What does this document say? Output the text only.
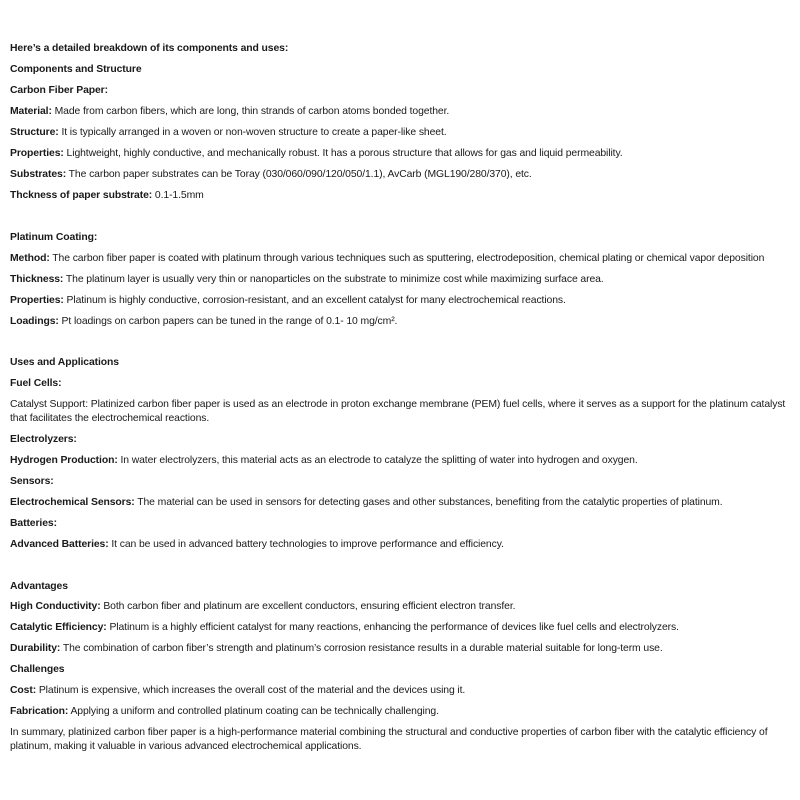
Here’s a detailed breakdown of its components and uses:
Components and Structure
Carbon Fiber Paper:
Material: Made from carbon fibers, which are long, thin strands of carbon atoms bonded together.
Structure: It is typically arranged in a woven or non-woven structure to create a paper-like sheet.
Properties: Lightweight, highly conductive, and mechanically robust. It has a porous structure that allows for gas and liquid permeability.
Substrates: The carbon paper substrates can be Toray (030/060/090/120/050/1.1), AvCarb (MGL190/280/370), etc.
Thckness of paper substrate: 0.1-1.5mm
Platinum Coating:
Method: The carbon fiber paper is coated with platinum through various techniques such as sputtering, electrodeposition, chemical plating or chemical vapor deposition
Thickness: The platinum layer is usually very thin or nanoparticles on the substrate to minimize cost while maximizing surface area.
Properties: Platinum is highly conductive, corrosion-resistant, and an excellent catalyst for many electrochemical reactions.
Loadings: Pt loadings on carbon papers can be tuned in the range of 0.1- 10 mg/cm².
Uses and Applications
Fuel Cells:
Catalyst Support: Platinized carbon fiber paper is used as an electrode in proton exchange membrane (PEM) fuel cells, where it serves as a support for the platinum catalyst that facilitates the electrochemical reactions.
Electrolyzers:
Hydrogen Production: In water electrolyzers, this material acts as an electrode to catalyze the splitting of water into hydrogen and oxygen.
Sensors:
Electrochemical Sensors: The material can be used in sensors for detecting gases and other substances, benefiting from the catalytic properties of platinum.
Batteries:
Advanced Batteries: It can be used in advanced battery technologies to improve performance and efficiency.
Advantages
High Conductivity: Both carbon fiber and platinum are excellent conductors, ensuring efficient electron transfer.
Catalytic Efficiency: Platinum is a highly efficient catalyst for many reactions, enhancing the performance of devices like fuel cells and electrolyzers.
Durability: The combination of carbon fiber’s strength and platinum’s corrosion resistance results in a durable material suitable for long-term use.
Challenges
Cost: Platinum is expensive, which increases the overall cost of the material and the devices using it.
Fabrication: Applying a uniform and controlled platinum coating can be technically challenging.
In summary, platinized carbon fiber paper is a high-performance material combining the structural and conductive properties of carbon fiber with the catalytic efficiency of platinum, making it valuable in various advanced electrochemical applications.
